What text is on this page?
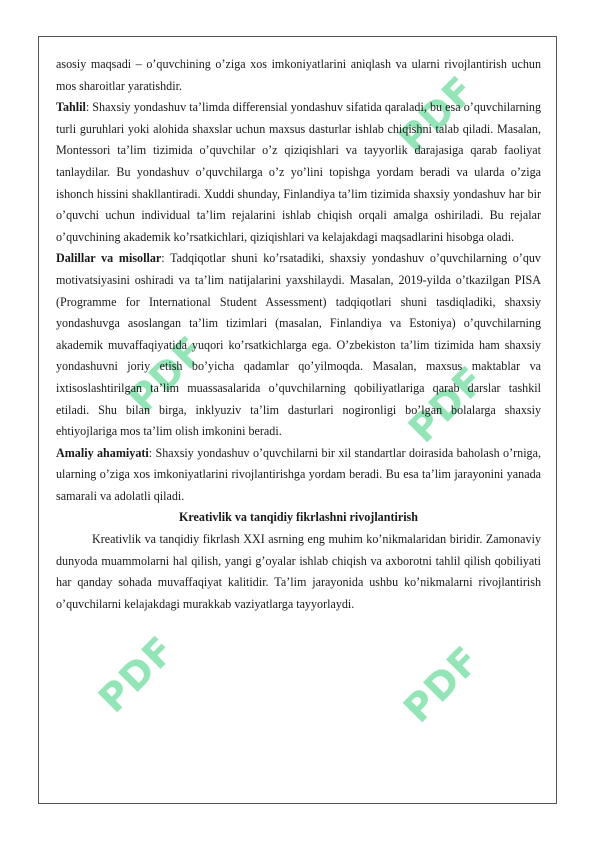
PDF
PDF	PDF
PDF	PDF

asosiy maqsadi – o’quvchining o’ziga xos imkoniyatlarini aniqlash va ularni rivojlantirish uchun mos sharoitlar yaratishdir.

Tahlil: Shaxsiy yondashuv ta’limda differensial yondashuv sifatida qaraladi, bu esa o’quvchilarning turli guruhlari yoki alohida shaxslar uchun maxsus dasturlar ishlab chiqishni talab qiladi. Masalan, Montessori ta’lim tizimida o’quvchilar o’z qiziqishlari va tayyorlik darajasiga qarab faoliyat tanlaydilar. Bu yondashuv o’quvchilarga o’z yo’lini topishga yordam beradi va ularda o’ziga ishonch hissini shakllantiradi. Xuddi shunday, Finlandiya ta’lim tizimida shaxsiy yondashuv har bir o’quvchi uchun individual ta’lim rejalarini ishlab chiqish orqali amalga oshiriladi. Bu rejalar o’quvchining akademik ko’rsatkichlari, qiziqishlari va kelajakdagi maqsadlarini hisobga oladi.

Dalillar va misollar: Tadqiqotlar shuni ko’rsatadiki, shaxsiy yondashuv o’quvchilarning o’quv motivatsiyasini oshiradi va ta’lim natijalarini yaxshilaydi. Masalan, 2019-yilda o’tkazilgan PISA (Programme for International Student Assessment) tadqiqotlari shuni tasdiqladiki, shaxsiy yondashuvga asoslangan ta’lim tizimlari (masalan, Finlandiya va Estoniya) o’quvchilarning akademik muvaffaqiyatida yuqori ko’rsatkichlarga ega. O’zbekiston ta’lim tizimida ham shaxsiy yondashuvni joriy etish bo’yicha qadamlar qo’yilmoqda. Masalan, maxsus maktablar va ixtisoslashtirilgan ta’lim muassasalarida o’quvchilarning qobiliyatlariga qarab darslar tashkil etiladi. Shu bilan birga, inklyuziv ta’lim dasturlari nogironligi bo’lgan bolalarga shaxsiy ehtiyojlariga mos ta’lim olish imkonini beradi.

Amaliy ahamiyati: Shaxsiy yondashuv o’quvchilarni bir xil standartlar doirasida baholash o’rniga, ularning o’ziga xos imkoniyatlarini rivojlantirishga yordam beradi. Bu esa ta’lim jarayonini yanada samarali va adolatli qiladi.

Kreativlik va tanqidiy fikrlashni rivojlantirish

Kreativlik va tanqidiy fikrlash XXI asrning eng muhim ko’nikmalaridan biridir. Zamonaviy dunyoda muammolarni hal qilish, yangi g’oyalar ishlab chiqish va axborotni tahlil qilish qobiliyati har qanday sohada muvaffaqiyat kalitidir. Ta’lim jarayonida ushbu ko’nikmalarni rivojlantirish o’quvchilarni kelajakdagi murakkab vaziyatlarga tayyorlaydi.
